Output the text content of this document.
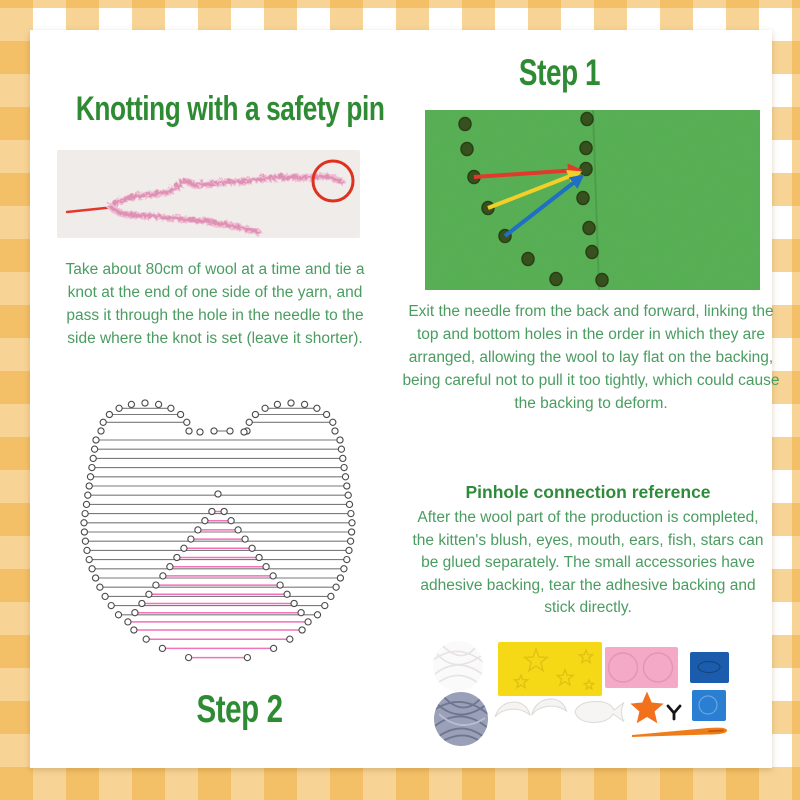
Knotting with a safety pin

Take about 80cm of wool at a time and tie a knot at the end of one side of the yarn, and pass it through the hole in the needle to the side where the knot is set (leave it shorter).

Step 2
Step 1

Exit the needle from the back and forward, linking the top and bottom holes in the order in which they are arranged, allowing the wool to lay flat on the backing, being careful not to pull it too tightly, which could cause the backing to deform.

Pinhole connection reference

After the wool part of the production is completed, the kitten's blush, eyes, mouth, ears, fish, stars can be glued separately. The small accessories have adhesive backing, tear the adhesive backing and stick directly.
